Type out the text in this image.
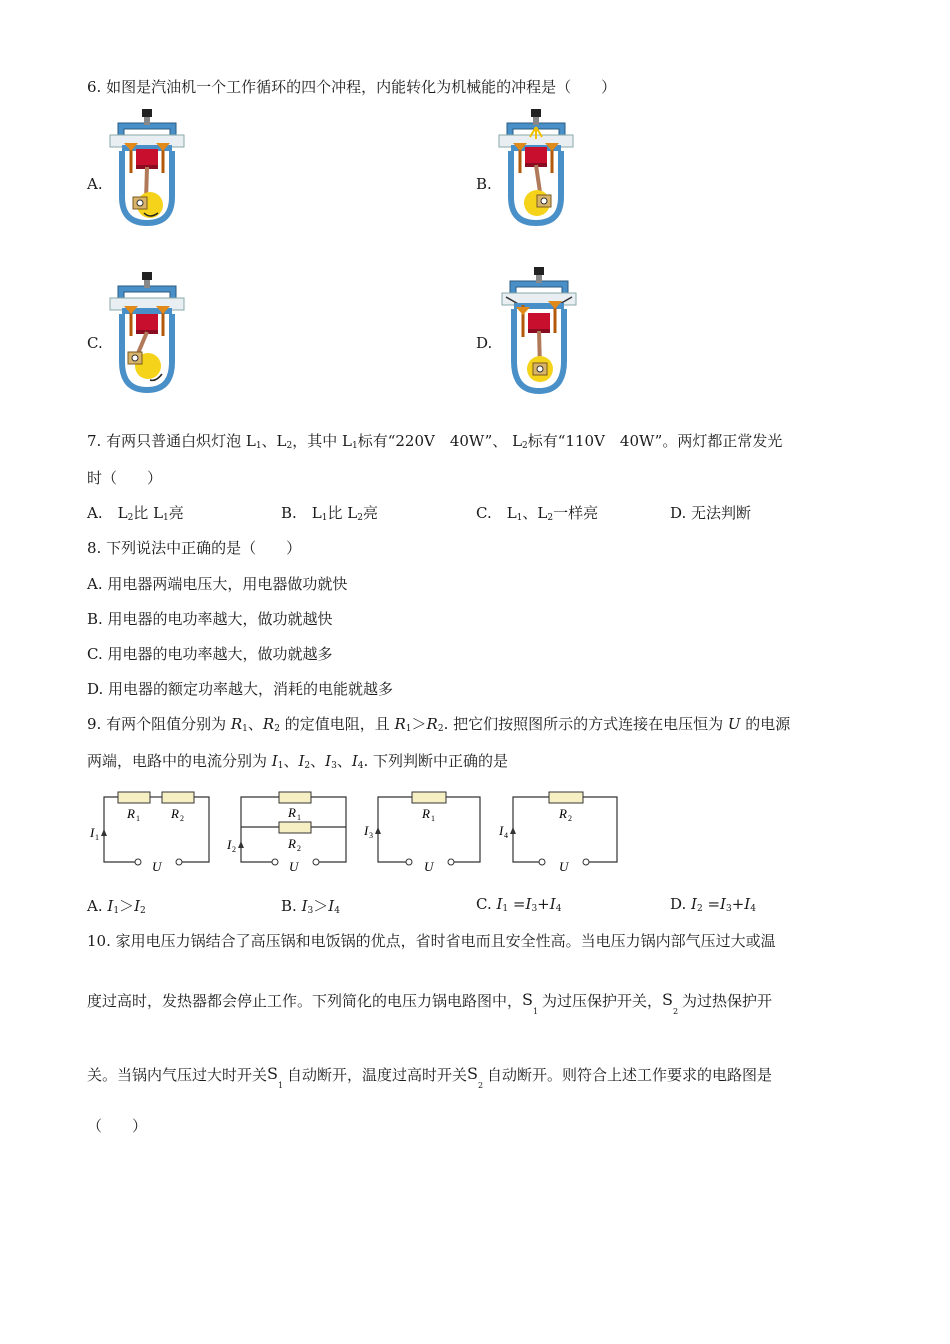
6. 如图是汽油机一个工作循环的四个冲程，内能转化为机械能的冲程是（　　）
A.	B.
C.	D.
7. 有两只普通白炽灯泡 $L_1$、$L_2$，其中 $L_1$标有“220V　40W”、 $L_2$标有“110V　40W”。两灯都正常发光
时（　　）
A.　$L_2$比 $L_1$亮	B.　$L_1$比 $L_2$亮	C.　$L_1$、$L_2$一样亮	D. 无法判断
8. 下列说法中正确的是（　　）
A. 用电器两端电压大，用电器做功就快
B. 用电器的电功率越大，做功就越快
C. 用电器的电功率越大，做功就越多
D. 用电器的额定功率越大，消耗的电能就越多
9. 有两个阻值分别为 $R_1$、$R_2$ 的定值电阻，且 $R_1>R_2$. 把它们按照图所示的方式连接在电压恒为 U 的电源
两端，电路中的电流分别为 $I_1$、$I_2$、$I_3$、$I_4$. 下列判断中正确的是
R 1 R 2
I 1
U
R 1
R 2
I 2
U
R 1
I 3
U
R 2
I 4
U
A. $I_1>I_2$	B. $I_3>I_4$	C. $I_1 =I_3+I_4$	D. $I_2 =I_3+I_4$
10. 家用电压力锅结合了高压锅和电饭锅的优点，省时省电而且安全性高。当电压力锅内部气压过大或温
度过高时，发热器都会停止工作。下列简化的电压力锅电路图中， S
1
为过压保护开关， S
2
为过热保护开
关。当锅内气压过大时开关 S
1
自动断开，温度过高时开关 S
2
自动断开。则符合上述工作要求的电路图是
（　　）
